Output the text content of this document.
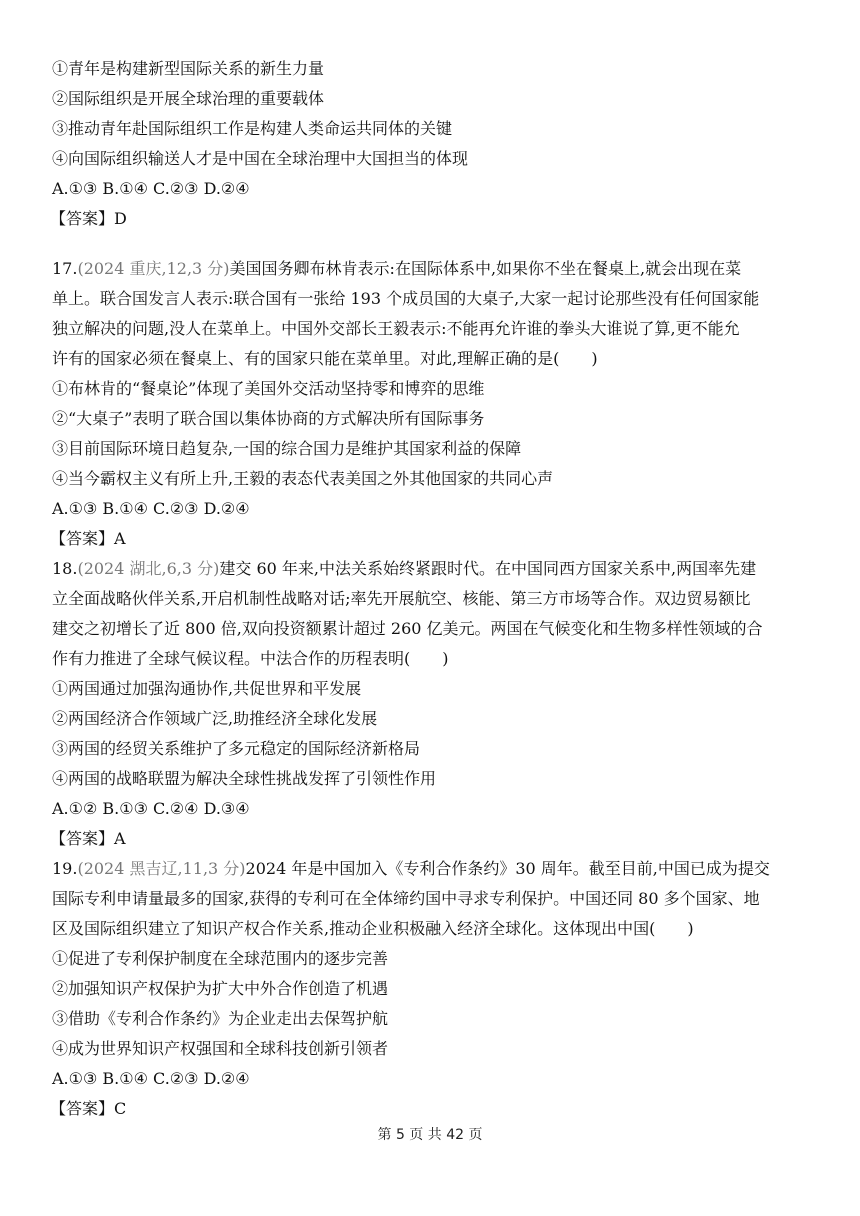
①青年是构建新型国际关系的新生力量
②国际组织是开展全球治理的重要载体
③推动青年赴国际组织工作是构建人类命运共同体的关键
④向国际组织输送人才是中国在全球治理中大国担当的体现
A.①③ B.①④ C.②③ D.②④
【答案】D
17.(2024 重庆,12,3 分)美国国务卿布林肯表示:在国际体系中,如果你不坐在餐桌上,就会出现在菜
单上。联合国发言人表示:联合国有一张给 193 个成员国的大桌子,大家一起讨论那些没有任何国家能
独立解决的问题,没人在菜单上。中国外交部长王毅表示:不能再允许谁的拳头大谁说了算,更不能允
许有的国家必须在餐桌上、有的国家只能在菜单里。对此,理解正确的是(　　)
①布林肯的“餐桌论”体现了美国外交活动坚持零和博弈的思维
②“大桌子”表明了联合国以集体协商的方式解决所有国际事务
③目前国际环境日趋复杂,一国的综合国力是维护其国家利益的保障
④当今霸权主义有所上升,王毅的表态代表美国之外其他国家的共同心声
A.①③ B.①④ C.②③ D.②④
【答案】A
18.(2024 湖北,6,3 分)建交 60 年来,中法关系始终紧跟时代。在中国同西方国家关系中,两国率先建
立全面战略伙伴关系,开启机制性战略对话;率先开展航空、核能、第三方市场等合作。双边贸易额比
建交之初增长了近 800 倍,双向投资额累计超过 260 亿美元。两国在气候变化和生物多样性领域的合
作有力推进了全球气候议程。中法合作的历程表明(　　)
①两国通过加强沟通协作,共促世界和平发展
②两国经济合作领域广泛,助推经济全球化发展
③两国的经贸关系维护了多元稳定的国际经济新格局
④两国的战略联盟为解决全球性挑战发挥了引领性作用
A.①② B.①③ C.②④ D.③④
【答案】A
19.(2024 黑吉辽,11,3 分)2024 年是中国加入《专利合作条约》30 周年。截至目前,中国已成为提交
国际专利申请量最多的国家,获得的专利可在全体缔约国中寻求专利保护。中国还同 80 多个国家、地
区及国际组织建立了知识产权合作关系,推动企业积极融入经济全球化。这体现出中国(　　)
①促进了专利保护制度在全球范围内的逐步完善
②加强知识产权保护为扩大中外合作创造了机遇
③借助《专利合作条约》为企业走出去保驾护航
④成为世界知识产权强国和全球科技创新引领者
A.①③ B.①④ C.②③ D.②④
【答案】C
第 5 页 共 42 页
